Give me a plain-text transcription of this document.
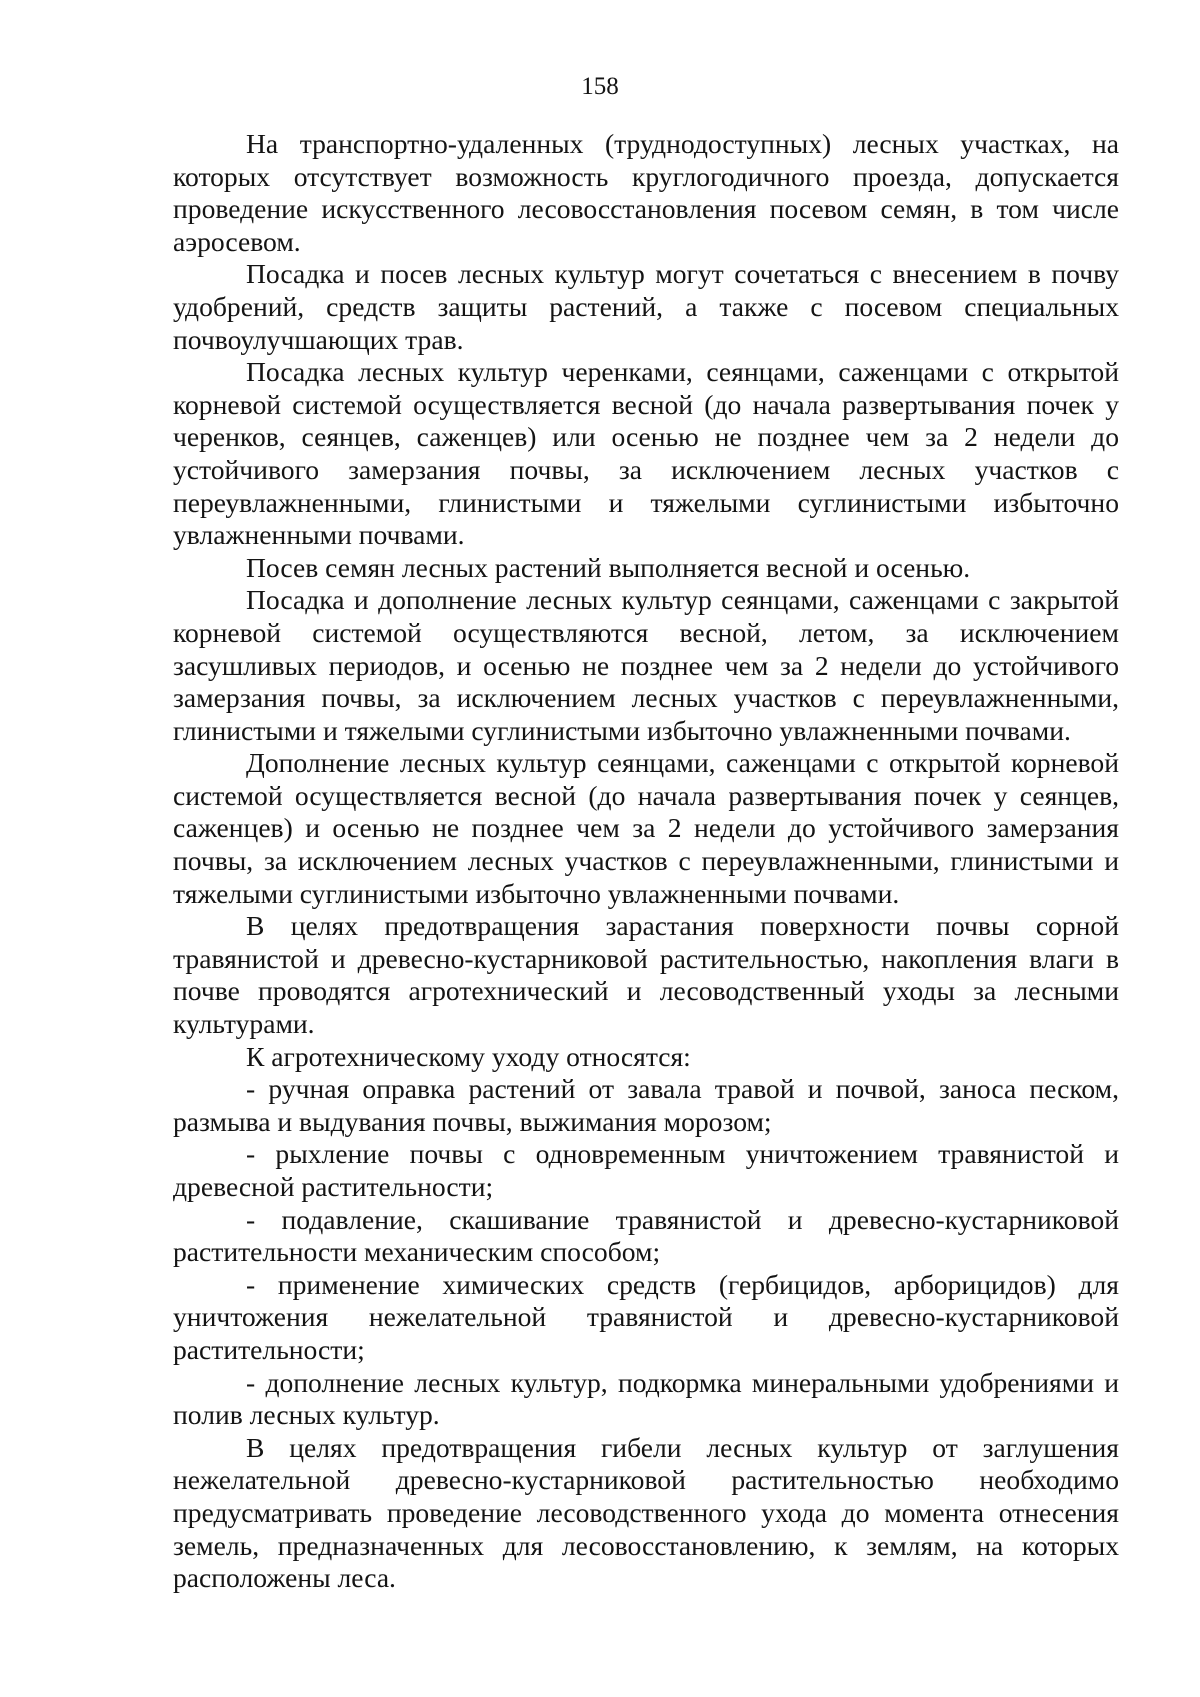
158

На транспортно-удаленных (труднодоступных) лесных участках, на которых отсутствует возможность круглогодичного проезда, допускается проведение искусственного лесовосстановления посевом семян, в том числе аэросевом.

Посадка и посев лесных культур могут сочетаться с внесением в почву удобрений, средств защиты растений, а также с посевом специальных почвоулучшающих трав.

Посадка лесных культур черенками, сеянцами, саженцами с открытой корневой системой осуществляется весной (до начала развертывания почек у черенков, сеянцев, саженцев) или осенью не позднее чем за 2 недели до устойчивого замерзания почвы, за исключением лесных участков с переувлажненными, глинистыми и тяжелыми суглинистыми избыточно увлажненными почвами.

Посев семян лесных растений выполняется весной и осенью.

Посадка и дополнение лесных культур сеянцами, саженцами с закрытой корневой системой осуществляются весной, летом, за исключением засушливых периодов, и осенью не позднее чем за 2 недели до устойчивого замерзания почвы, за исключением лесных участков с переувлажненными, глинистыми и тяжелыми суглинистыми избыточно увлажненными почвами.

Дополнение лесных культур сеянцами, саженцами с открытой корневой системой осуществляется весной (до начала развертывания почек у сеянцев, саженцев) и осенью не позднее чем за 2 недели до устойчивого замерзания почвы, за исключением лесных участков с переувлажненными, глинистыми и тяжелыми суглинистыми избыточно увлажненными почвами.

В целях предотвращения зарастания поверхности почвы сорной травянистой и древесно-кустарниковой растительностью, накопления влаги в почве проводятся агротехнический и лесоводственный уходы за лесными культурами.

К агротехническому уходу относятся:

- ручная оправка растений от завала травой и почвой, заноса песком, размыва и выдувания почвы, выжимания морозом;

- рыхление почвы с одновременным уничтожением травянистой и древесной растительности;

- подавление, скашивание травянистой и древесно-кустарниковой растительности механическим способом;

- применение химических средств (гербицидов, арборицидов) для уничтожения нежелательной травянистой и древесно-кустарниковой растительности;

- дополнение лесных культур, подкормка минеральными удобрениями и полив лесных культур.

В целях предотвращения гибели лесных культур от заглушения нежелательной древесно-кустарниковой растительностью необходимо предусматривать проведение лесоводственного ухода до момента отнесения земель, предназначенных для лесовосстановлению, к землям, на которых расположены леса.
